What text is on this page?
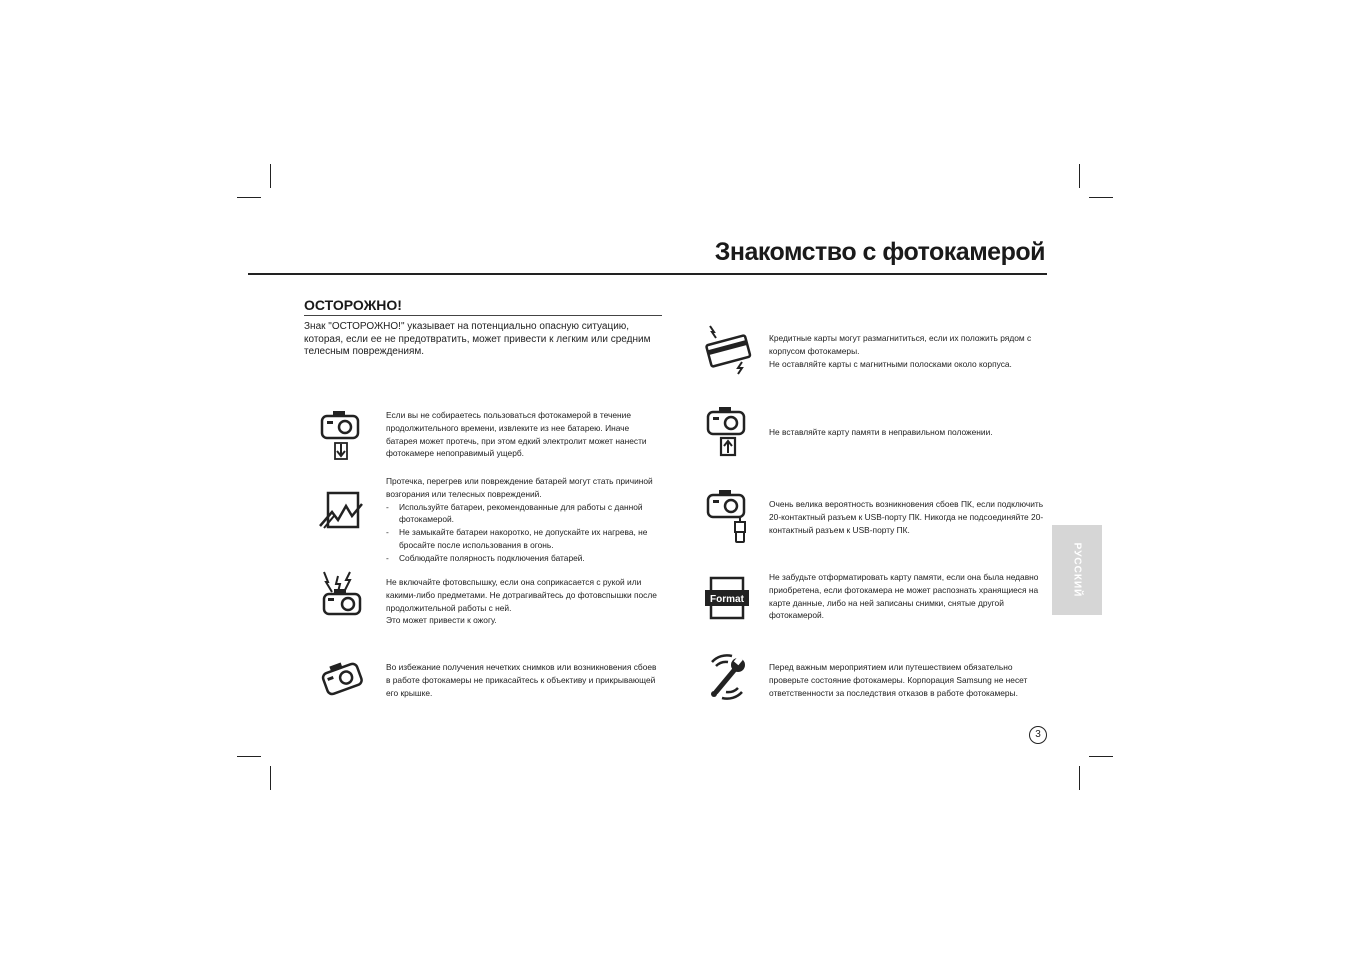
Знакомство с фотокамерой
ОСТОРОЖНО!
Знак "ОСТОРОЖНО!" указывает на потенциально опасную ситуацию, которая, если ее не предотвратить, может привести к легким или средним телесным повреждениям.

Если вы не собираетесь пользоваться фотокамерой в течение продолжительного времени, извлеките из нее батарею. Иначе батарея может протечь, при этом едкий электролит может нанести фотокамере непоправимый ущерб.

Протечка, перегрев или повреждение батарей могут стать причиной возгорания или телесных повреждений.

- Используйте батареи, рекомендованные для работы с данной фотокамерой.
- Не замыкайте батареи накоротко, не допускайте их нагрева, не бросайте после использования в огонь.
- Соблюдайте полярность подключения батарей.

Не включайте фотовспышку, если она соприкасается с рукой или какими-либо предметами. Не дотрагивайтесь до фотовспышки после продолжительной работы с ней.

Это может привести к ожогу.

Во избежание получения нечетких снимков или возникновения сбоев в работе фотокамеры не прикасайтесь к объективу и прикрывающей его крышке.

Кредитные карты могут размагнититься, если их положить рядом с корпусом фотокамеры.

Не оставляйте карты с магнитными полосками около корпуса.

Не вставляйте карту памяти в неправильном положении.

Очень велика вероятность возникновения сбоев ПК, если подключить 20-контактный разъем к USB-порту ПК. Никогда не подсоединяйте 20-контактный разъем к USB-порту ПК.

Format

Не забудьте отформатировать карту памяти, если она была недавно приобретена, если фотокамера не может распознать хранящиеся на карте данные, либо на ней записаны снимки, снятые другой фотокамерой.

Перед важным мероприятием или путешествием обязательно проверьте состояние фотокамеры. Корпорация Samsung не несет ответственности за последствия отказов в работе фотокамеры.

РУССКИЙ
3
